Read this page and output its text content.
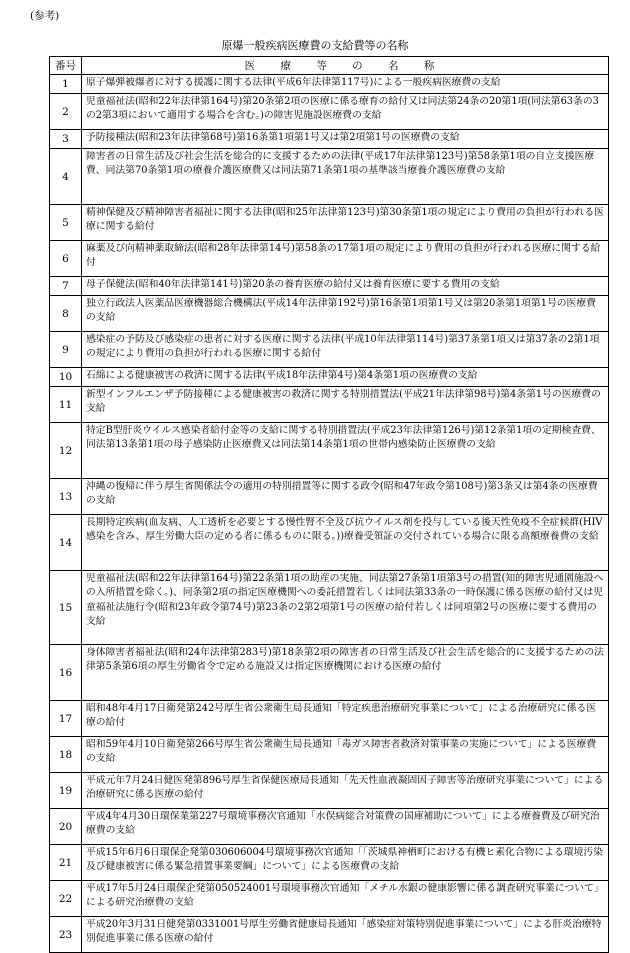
(参考)
原爆一般疾病医療費の支給費等の名称
番号	医 療 等 の 名 称
1	原子爆弾被爆者に対する援護に関する法律(平成6年法律第117号)による一般疾病医療費の支給
2	児童福祉法(昭和22年法律第164号)第20条第2項の医療に係る療育の給付又は同法第24条の20第1項(同法第63条の3の2第3項において適用する場合を含む。)の障害児施設医療費の支給
3	予防接種法(昭和23年法律第68号)第16条第1項第1号又は第2項第1号の医療費の支給
4	障害者の日常生活及び社会生活を総合的に支援するための法律(平成17年法律第123号)第58条第1項の自立支援医療費、同法第70条第1項の療養介護医療費又は同法第71条第1項の基準該当療養介護医療費の支給
5	精神保健及び精神障害者福祉に関する法律(昭和25年法律第123号)第30条第1項の規定により費用の負担が行われる医療に関する給付
6	麻薬及び向精神薬取締法(昭和28年法律第14号)第58条の17第1項の規定により費用の負担が行われる医療に関する給付
7	母子保健法(昭和40年法律第141号)第20条の養育医療の給付又は養育医療に要する費用の支給
8	独立行政法人医薬品医療機器総合機構法(平成14年法律第192号)第16条第1項第1号又は第20条第1項第1号の医療費の支給
9	感染症の予防及び感染症の患者に対する医療に関する法律(平成10年法律第114号)第37条第1項又は第37条の2第1項の規定により費用の負担が行われる医療に関する給付
10	石綿による健康被害の救済に関する法律(平成18年法律第4号)第4条第1項の医療費の支給
11	新型インフルエンザ予防接種による健康被害の救済に関する特別措置法(平成21年法律第98号)第4条第1号の医療費の支給
12	特定B型肝炎ウイルス感染者給付金等の支給に関する特別措置法(平成23年法律第126号)第12条第1項の定期検査費、同法第13条第1項の母子感染防止医療費又は同法第14条第1項の世帯内感染防止医療費の支給
13	沖縄の復帰に伴う厚生省関係法令の適用の特別措置等に関する政令(昭和47年政令第108号)第3条又は第4条の医療費の支給
14	長期特定疾病(血友病、人工透析を必要とする慢性腎不全及び抗ウイルス剤を投与している後天性免疫不全症候群(HIV感染を含み、厚生労働大臣の定める者に係るものに限る。))療養受領証の交付されている場合に限る高額療養費の支給
15	児童福祉法(昭和22年法律第164号)第22条第1項の助産の実施、同法第27条第1項第3号の措置(知的障害児通園施設への入所措置を除く。)、同条第2項の指定医療機関への委託措置若しくは同法第33条の一時保護に係る医療の給付又は児童福祉法施行令(昭和23年政令第74号)第23条の2第2項第1号の医療の給付若しくは同項第2号の医療に要する費用の支給
16	身体障害者福祉法(昭和24年法律第283号)第18条第2項の障害者の日常生活及び社会生活を総合的に支援するための法律第5条第6項の厚生労働省令で定める施設又は指定医療機関における医療の給付
17	昭和48年4月17日衛発第242号厚生省公衆衛生局長通知「特定疾患治療研究事業について」による治療研究に係る医療の給付
18	昭和59年4月10日衛発第266号厚生省公衆衛生局長通知「毒ガス障害者救済対策事業の実施について」による医療費の支給
19	平成元年7月24日健医発第896号厚生省保健医療局長通知「先天性血液凝固因子障害等治療研究事業について」による治療研究に係る医療の給付
20	平成4年4月30日環保業第227号環境事務次官通知「水俣病総合対策費の国庫補助について」による療養費及び研究治療費の支給
21	平成15年6月6日環保企発第030606004号環境事務次官通知「「茨城県神栖町における有機ヒ素化合物による環境汚染及び健康被害に係る緊急措置事業要綱」について」による医療費の支給
22	平成17年5月24日環保企発第050524001号環境事務次官通知「メチル水銀の健康影響に係る調査研究事業について」による研究治療費の支給
23	平成20年3月31日健発第0331001号厚生労働省健康局長通知「感染症対策特別促進事業について」による肝炎治療特別促進事業に係る医療の給付
